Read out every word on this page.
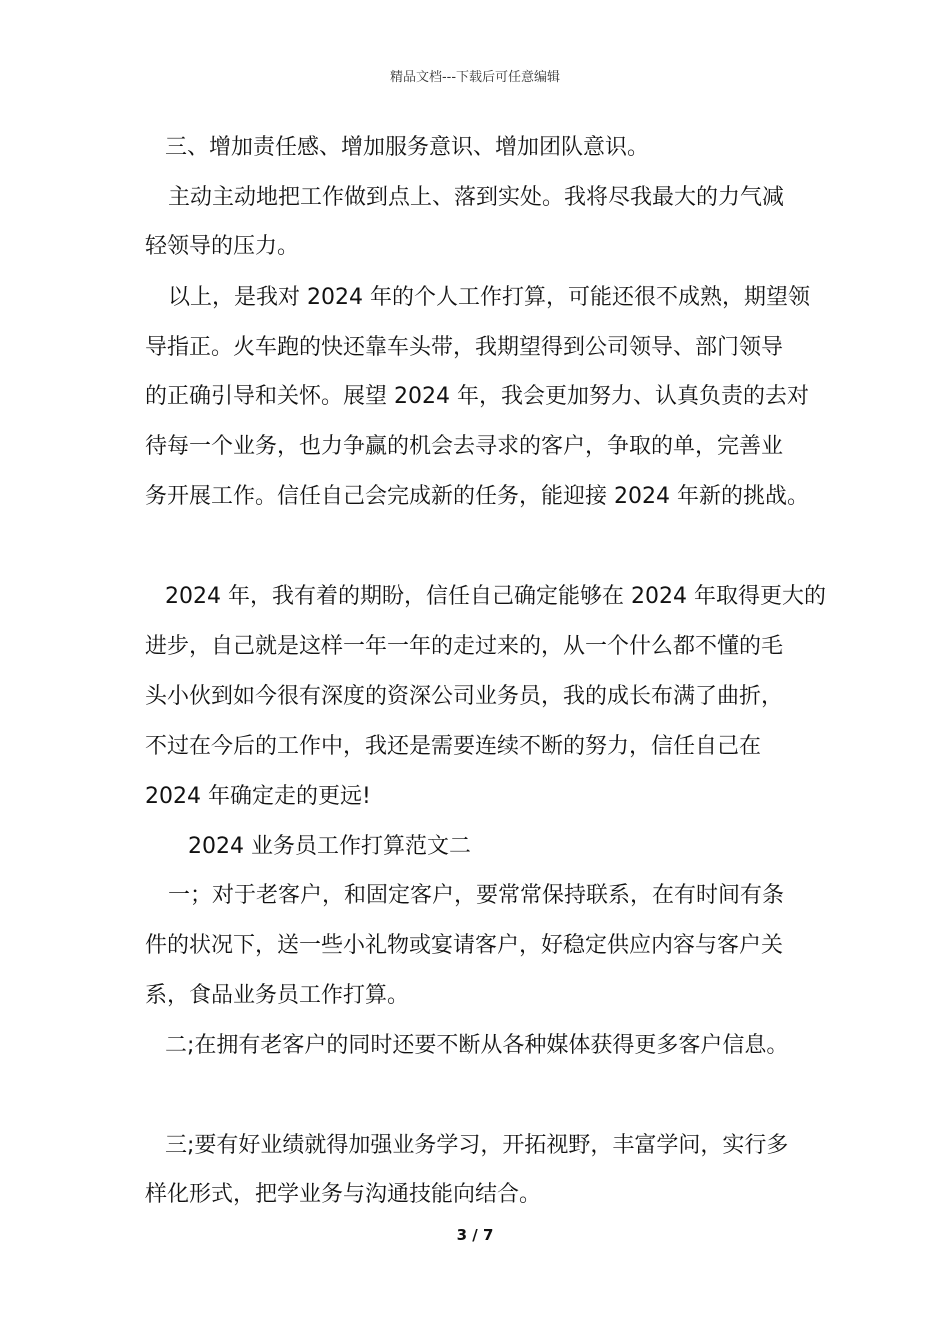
精品文档---下载后可任意编辑
三、增加责任感、增加服务意识、增加团队意识。
主动主动地把工作做到点上、落到实处。我将尽我最大的力气减
轻领导的压力。
以上，是我对 2024 年的个人工作打算，可能还很不成熟，期望领
导指正。火车跑的快还靠车头带，我期望得到公司领导、部门领导
的正确引导和关怀。展望 2024 年，我会更加努力、认真负责的去对
待每一个业务，也力争赢的机会去寻求的客户，争取的单，完善业
务开展工作。信任自己会完成新的任务，能迎接 2024 年新的挑战。
2024 年，我有着的期盼，信任自己确定能够在 2024 年取得更大的
进步，自己就是这样一年一年的走过来的，从一个什么都不懂的毛
头小伙到如今很有深度的资深公司业务员，我的成长布满了曲折，
不过在今后的工作中，我还是需要连续不断的努力，信任自己在
2024 年确定走的更远!
2024 业务员工作打算范文二
一；对于老客户，和固定客户，要常常保持联系，在有时间有条
件的状况下，送一些小礼物或宴请客户，好稳定供应内容与客户关
系，食品业务员工作打算。
二;在拥有老客户的同时还要不断从各种媒体获得更多客户信息。
三;要有好业绩就得加强业务学习，开拓视野，丰富学问，实行多
样化形式，把学业务与沟通技能向结合。
3 / 7
